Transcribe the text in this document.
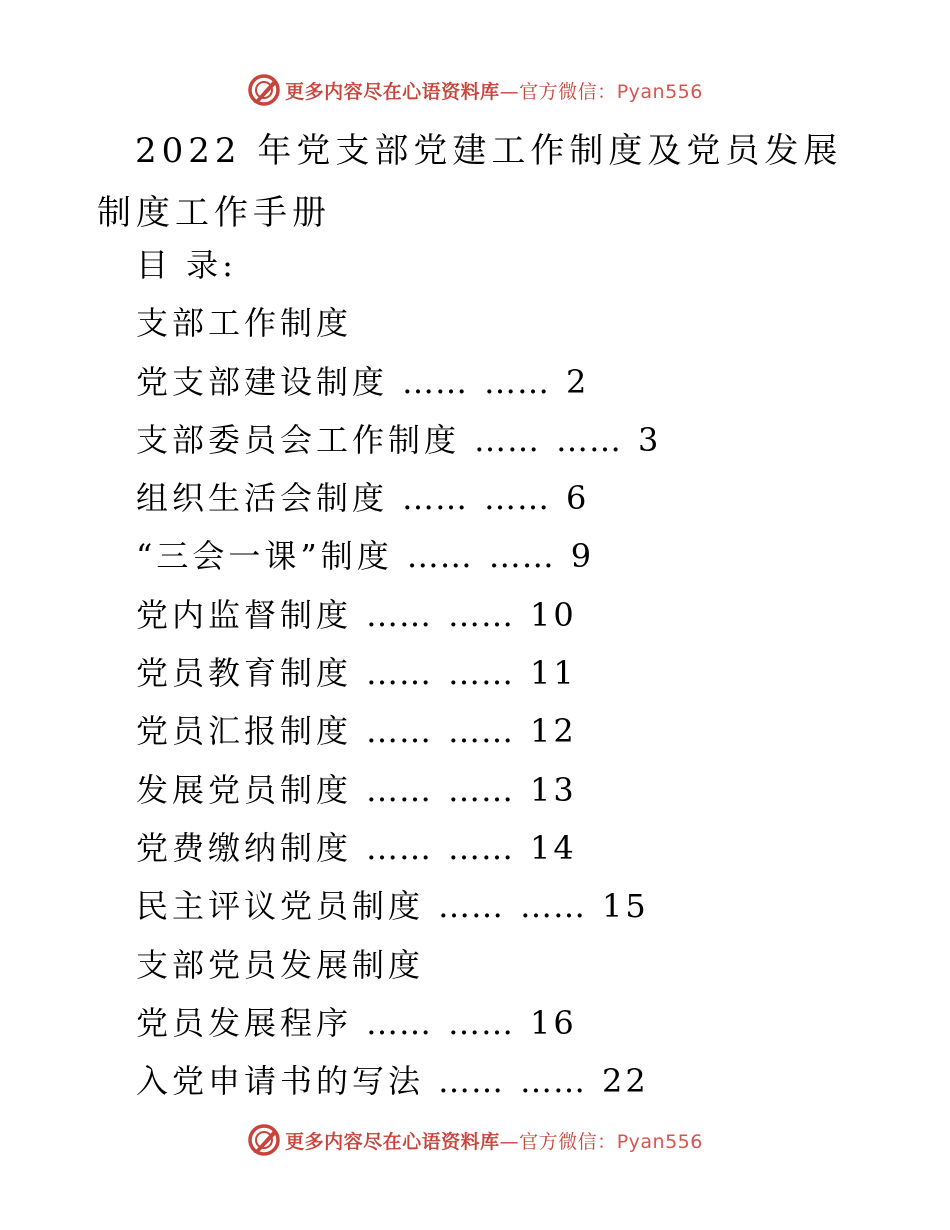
更多内容尽在心语资料库—官方微信：Pyan556
2022 年党支部党建工作制度及党员发展制度工作手册
目 录:
支部工作制度
党支部建设制度 …… …… 2
支部委员会工作制度 …… …… 3
组织生活会制度 …… …… 6
“三会一课”制度 …… …… 9
党内监督制度 …… …… 10
党员教育制度 …… …… 11
党员汇报制度 …… …… 12
发展党员制度 …… …… 13
党费缴纳制度 …… …… 14
民主评议党员制度 …… …… 15
支部党员发展制度
党员发展程序 …… …… 16
入党申请书的写法 …… …… 22
更多内容尽在心语资料库—官方微信：Pyan556
